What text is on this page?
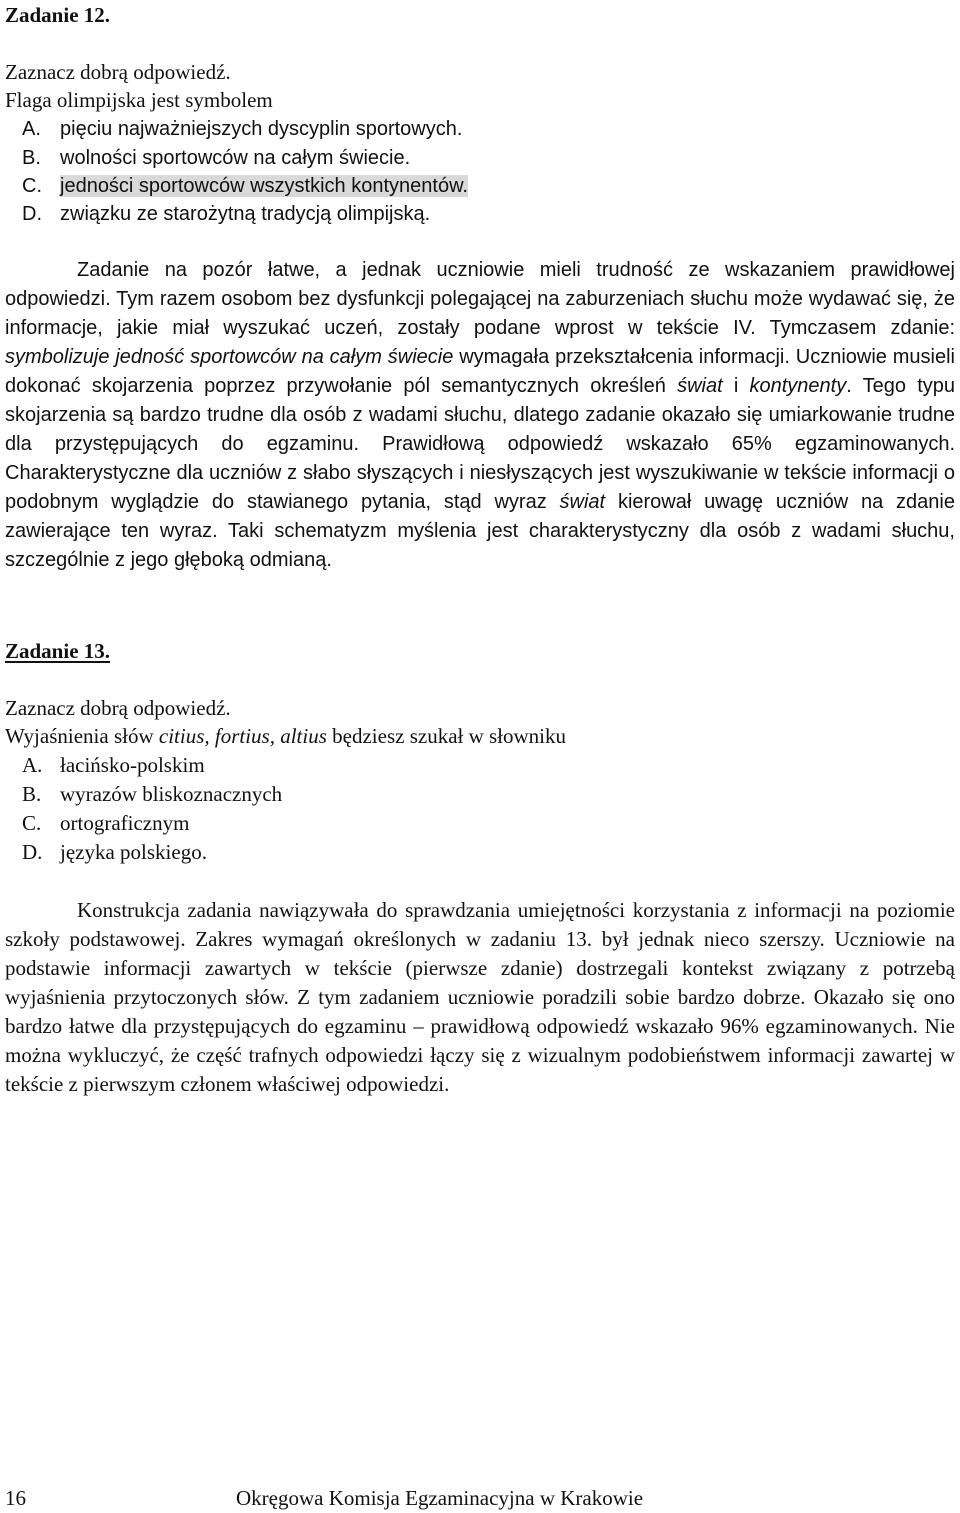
Zadanie 12.

Zaznacz dobrą odpowiedź.

Flaga olimpijska jest symbolem

A. pięciu najważniejszych dyscyplin sportowych.

B. wolności sportowców na całym świecie.

C. jedności sportowców wszystkich kontynentów.

D. związku ze starożytną tradycją olimpijską.

Zadanie na pozór łatwe, a jednak uczniowie mieli trudność ze wskazaniem prawidłowej odpowiedzi. Tym razem osobom bez dysfunkcji polegającej na zaburzeniach słuchu może wydawać się, że informacje, jakie miał wyszukać uczeń, zostały podane wprost w tekście IV. Tymczasem zdanie: symbolizuje jedność sportowców na całym świecie wymagała przekształcenia informacji. Uczniowie musieli dokonać skojarzenia poprzez przywołanie pól semantycznych określeń świat i kontynenty. Tego typu skojarzenia są bardzo trudne dla osób z wadami słuchu, dlatego zadanie okazało się umiarkowanie trudne dla przystępujących do egzaminu. Prawidłową odpowiedź wskazało 65% egzaminowanych. Charakterystyczne dla uczniów z słabo słyszących i niesłyszących jest wyszukiwanie w tekście informacji o podobnym wyglądzie do stawianego pytania, stąd wyraz świat kierował uwagę uczniów na zdanie zawierające ten wyraz. Taki schematyzm myślenia jest charakterystyczny dla osób z wadami słuchu, szczególnie z jego głęboką odmianą.

Zadanie 13.

Zaznacz dobrą odpowiedź.

Wyjaśnienia słów citius, fortius, altius będziesz szukał w słowniku

A. łacińsko-polskim

B. wyrazów bliskoznacznych

C. ortograficznym

D. języka polskiego.

Konstrukcja zadania nawiązywała do sprawdzania umiejętności korzystania z informacji na poziomie szkoły podstawowej. Zakres wymagań określonych w zadaniu 13. był jednak nieco szerszy. Uczniowie na podstawie informacji zawartych w tekście (pierwsze zdanie) dostrzegali kontekst związany z potrzebą wyjaśnienia przytoczonych słów. Z tym zadaniem uczniowie poradzili sobie bardzo dobrze. Okazało się ono bardzo łatwe dla przystępujących do egzaminu – prawidłową odpowiedź wskazało 96% egzaminowanych. Nie można wykluczyć, że część trafnych odpowiedzi łączy się z wizualnym podobieństwem informacji zawartej w tekście z pierwszym członem właściwej odpowiedzi.

16	Okręgowa Komisja Egzaminacyjna w Krakowie
